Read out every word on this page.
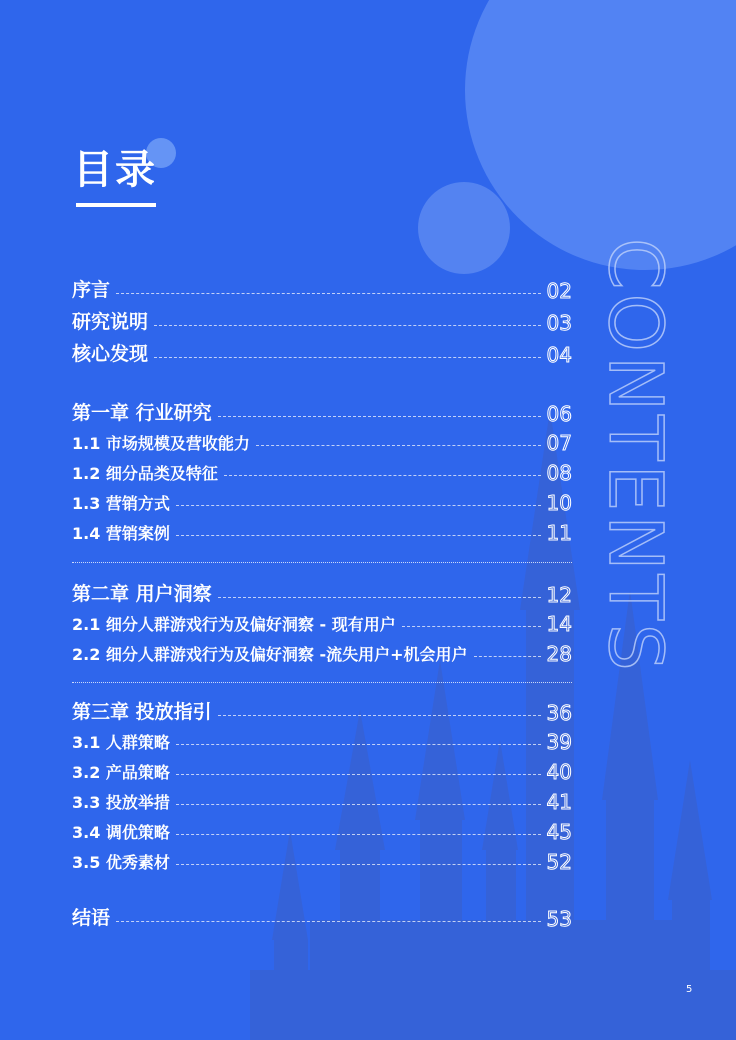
CONTENTS
目录
序言	02
研究说明	03
核心发现	04
第一章 行业研究	06
1.1 市场规模及营收能力	07
1.2 细分品类及特征	08
1.3 营销方式	10
1.4 营销案例	11
第二章 用户洞察	12
2.1 细分人群游戏行为及偏好洞察 - 现有用户	14
2.2 细分人群游戏行为及偏好洞察 -流失用户+机会用户	28
第三章 投放指引	36
3.1 人群策略	39
3.2 产品策略	40
3.3 投放举措	41
3.4 调优策略	45
3.5 优秀素材	52
结语	53
5
